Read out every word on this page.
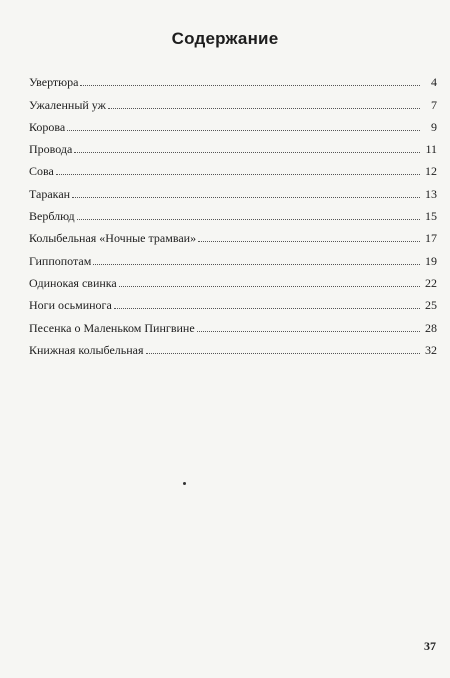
Содержание
Увертюра	4
Ужаленный уж	7
Корова	9
Провода	11
Сова	12
Таракан	13
Верблюд	15
Колыбельная «Ночные трамваи»	17
Гиппопотам	19
Одинокая свинка	22
Ноги осьминога	25
Песенка о Маленьком Пингвине	28
Книжная колыбельная	32
37
